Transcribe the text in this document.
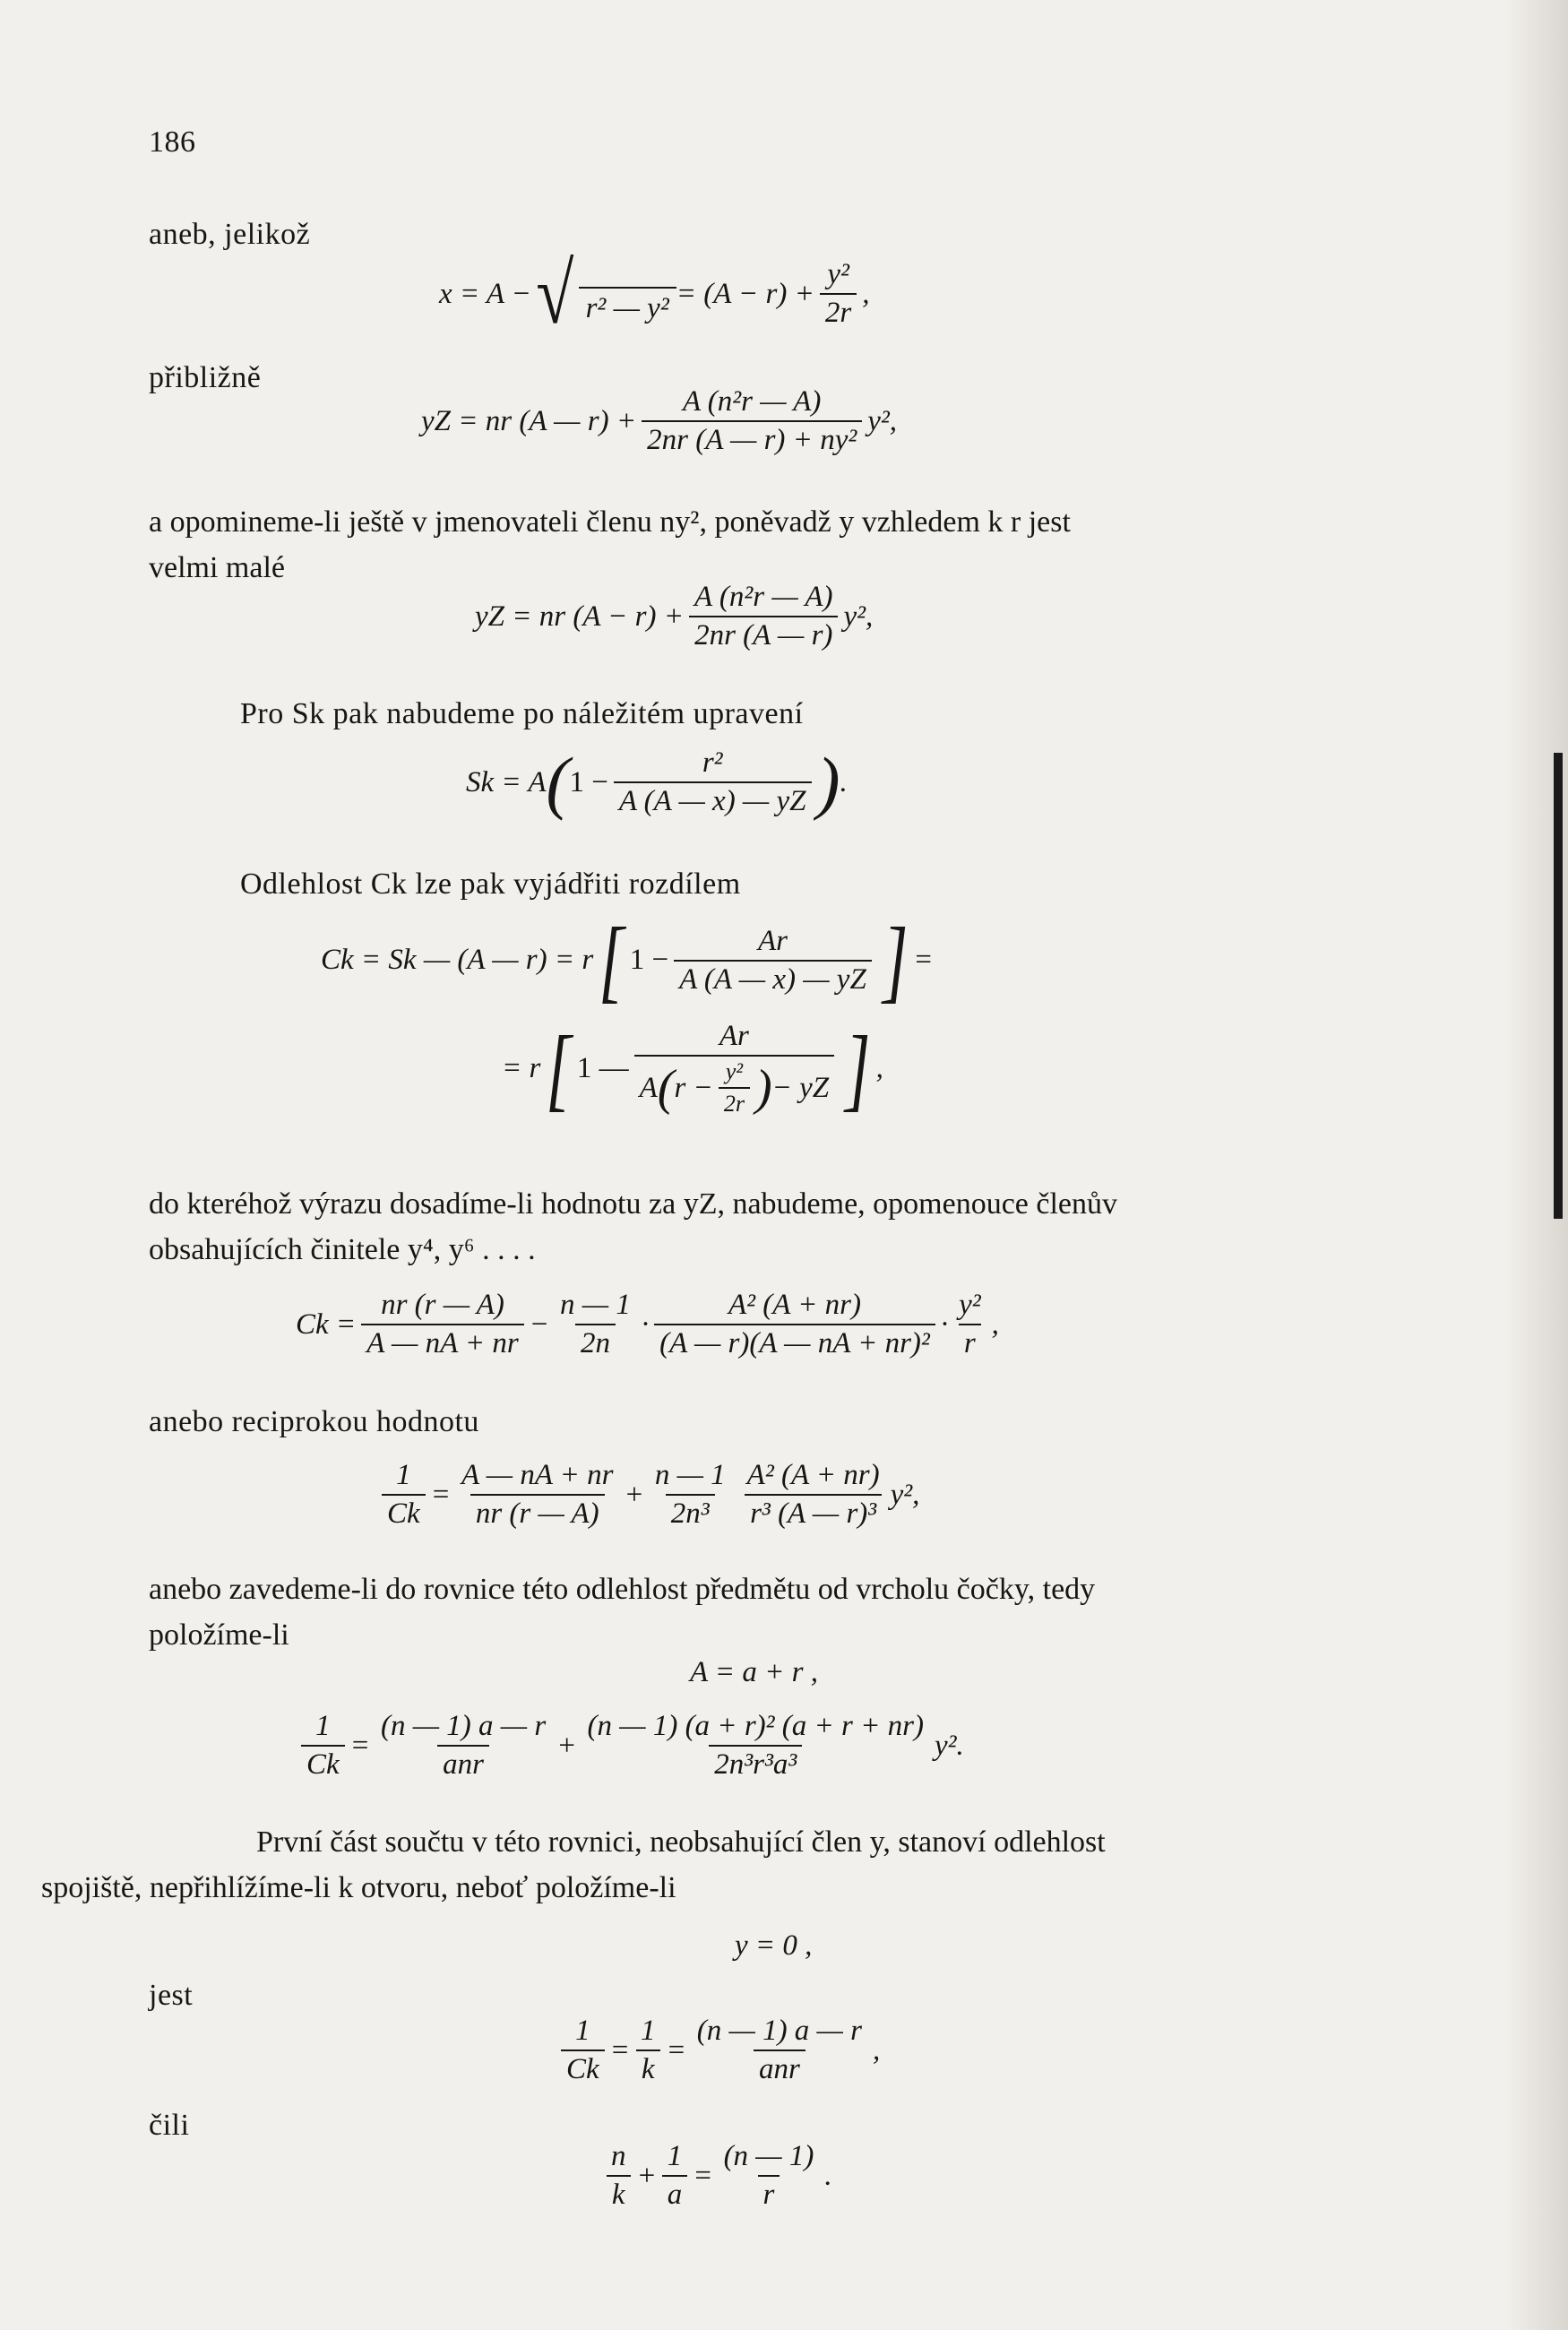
186
aneb, jelikož
x = A − √ r² — $y^2 = (A - r) + \frac{\text{y²}}{2r}$ ,
přibližně
yZ = nr (A — $r) + \frac{\text{A (n²r — A)}}{\text{2nr (A — r) + ny²}} y^2$,
a opomineme-li ještě v jmenovateli členu ny², poněvadž y vzhledem k r jest
velmi malé
yZ = nr $(A - r) + \frac{\text{A (n²r — A)}}{2nr (A — r)} y^2$,
Pro Sk pak nabudeme po náležitém upravení
Sk = A ( $1 - \frac{\text{r²}}{A (A — x) — yZ}$ ) .
Odlehlost Ck lze pak vyjádřiti rozdílem
Ck = Sk — (A — r) = r [ $1 - \frac{Ar}{A (A — x) — yZ}$ ] =
= r [ 1 —
Ar
A ( $r - \frac{\text{y²}}{2r}$ ) − yZ ] ,
do kteréhož výrazu dosadíme-li hodnotu za yZ, nabudeme, opomenouce členův
obsahujících činitele y⁴, y⁶ . . . .
$Ck = \frac{nr (r — A)}{A — nA + nr} - \frac{n — 1}{2n} \cdot \frac{\text{A² (A + nr)}}{\text{(A — r)(A — nA + nr)²}} \cdot \frac{\text{y²}}{r}$ ,
anebo reciprokou hodnotu
$\frac{1}{Ck} = \frac{A — nA + nr}{nr (r — A)} + \frac{n — 1}{\text{2n³}} \frac{\text{A² (A + nr)}}{\text{r³ (A — r)³}} y^2$,
anebo zavedeme-li do rovnice této odlehlost předmětu od vrcholu čočky, tedy
položíme-li
A = a + r ,
$\frac{1}{Ck} = \frac{(n — 1) a — r}{\text{anr}} + \frac{\text{(n — 1) (a + r)² (a + r + nr)}}{\text{2n³r³a³}} y^2$.
První část součtu v této rovnici, neobsahující člen y, stanoví odlehlost
spojiště, nepřihlížíme-li k otvoru, neboť položíme-li
y = 0 ,
jest
$\frac{1}{Ck} = \frac{1}{k} = \frac{(n — 1) a — r}{\text{anr}}$ ,
čili
$\frac{n}{k} + \frac{1}{a} = \frac{(n — 1)}{r}$ .
